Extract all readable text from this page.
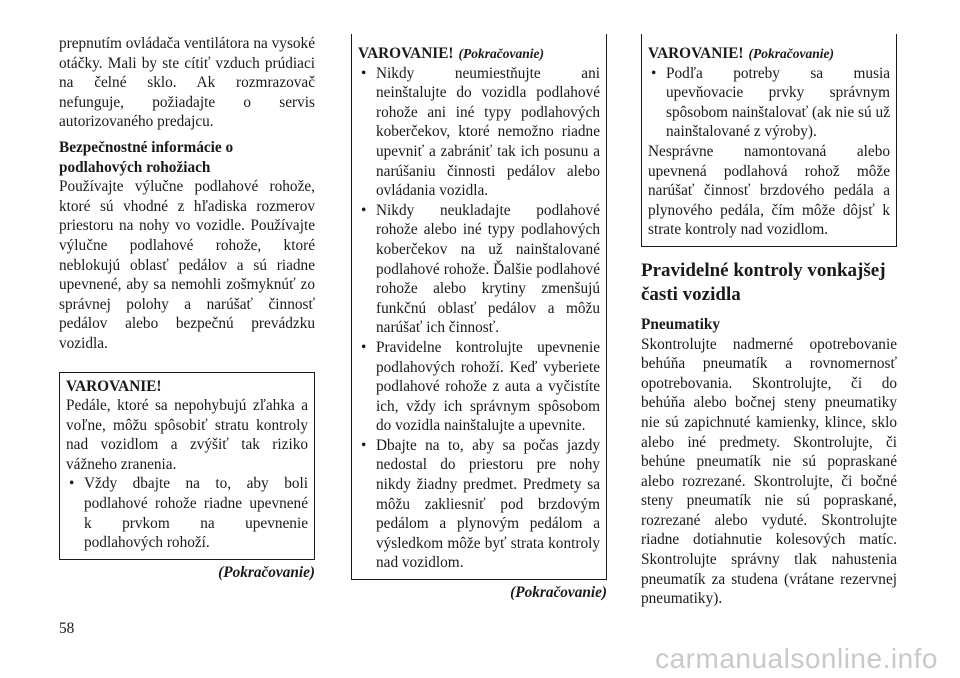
prepnutím ovládača ventilátora na vysoké otáčky. Mali by ste cítiť vzduch prúdiaci na čelné sklo. Ak rozmrazovač nefunguje, požiadajte o servis autorizovaného predajcu.

Bezpečnostné informácie o
podlahových rohožiach

Používajte výlučne podlahové rohože, ktoré sú vhodné z hľadiska rozmerov priestoru na nohy vo vozidle. Používajte výlučne podlahové rohože, ktoré neblokujú oblasť pedálov a sú riadne upevnené, aby sa nemohli zošmyknúť zo správnej polohy a narúšať činnosť pedálov alebo bezpečnú prevádzku vozidla.

VAROVANIE!

Pedále, ktoré sa nepohybujú zľahka a voľne, môžu spôsobiť stratu kontroly nad vozidlom a zvýšiť tak riziko vážneho zranenia.

• Vždy dbajte na to, aby boli podlahové rohože riadne upevnené k prvkom na upevnenie podlahových rohoží.
(Pokračovanie)
VAROVANIE! (Pokračovanie)
• Nikdy neumiestňujte ani neinštalujte do vozidla podlahové rohože ani iné typy podlahových koberčekov, ktoré nemožno riadne upevniť a zabrániť tak ich posunu a narúšaniu činnosti pedálov alebo ovládania vozidla.
• Nikdy neukladajte podlahové rohože alebo iné typy podlahových koberčekov na už nainštalované podlahové rohože. Ďalšie podlahové rohože alebo krytiny zmenšujú funkčnú oblasť pedálov a môžu narúšať ich činnosť.
• Pravidelne kontrolujte upevnenie podlahových rohoží. Keď vyberiete podlahové rohože z auta a vyčistíte ich, vždy ich správnym spôsobom do vozidla nainštalujte a upevnite.
• Dbajte na to, aby sa počas jazdy nedostal do priestoru pre nohy nikdy žiadny predmet. Predmety sa môžu zakliesniť pod brzdovým pedálom a plynovým pedálom a výsledkom môže byť strata kontroly nad vozidlom.
(Pokračovanie)
VAROVANIE! (Pokračovanie)
• Podľa potreby sa musia upevňovacie prvky správnym spôsobom nainštalovať (ak nie sú už nainštalované z výroby).

Nesprávne namontovaná alebo upevnená podlahová rohož môže narúšať činnosť brzdového pedála a plynového pedála, čím môže dôjsť k strate kontroly nad vozidlom.

Pravidelné kontroly vonkajšej časti vozidla
Pneumatiky

Skontrolujte nadmerné opotrebovanie behúňa pneumatík a rovnomernosť opotrebovania. Skontrolujte, či do behúňa alebo bočnej steny pneumatiky nie sú zapichnuté kamienky, klince, sklo alebo iné predmety. Skontrolujte, či behúne pneumatík nie sú popraskané alebo rozrezané. Skontrolujte, či bočné steny pneumatík nie sú popraskané, rozrezané alebo vyduté. Skontrolujte riadne dotiahnutie kolesových matíc. Skontrolujte správny tlak nahustenia pneumatík za studena (vrátane rezervnej pneumatiky).

58
carmanualsonline.info
